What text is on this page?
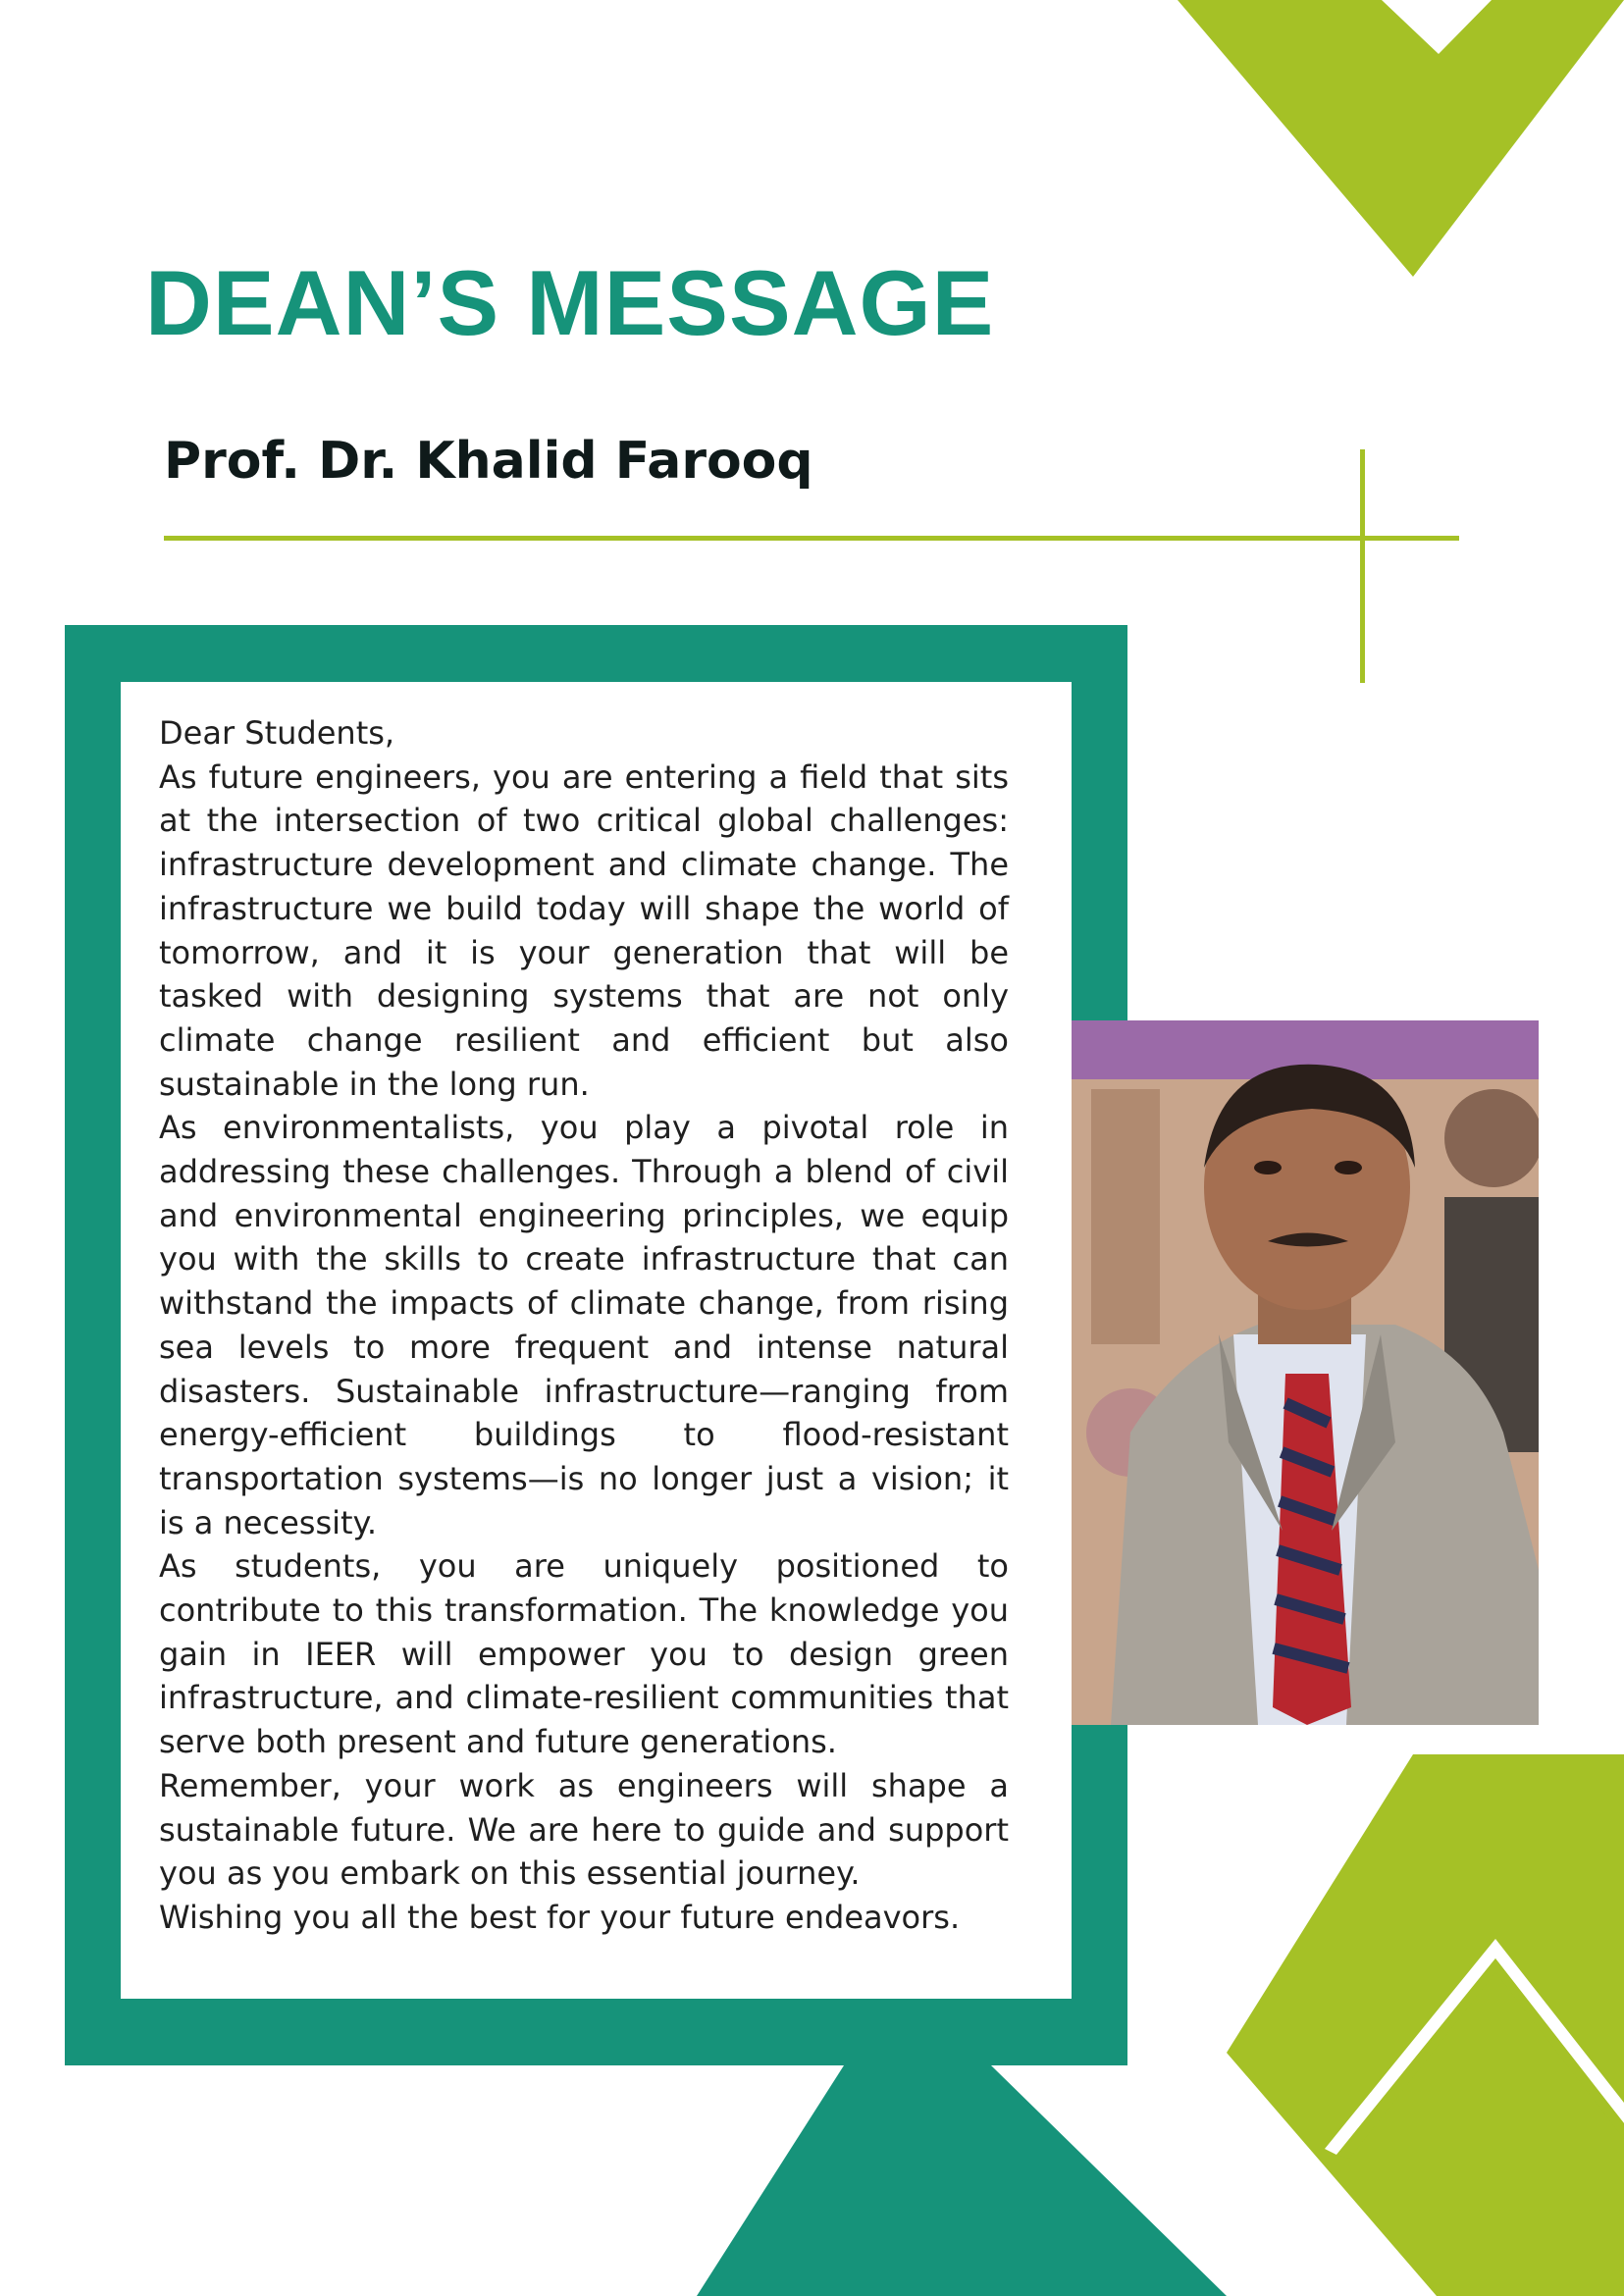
DEAN’S MESSAGE
Prof. Dr. Khalid Farooq

Dear Students,

As future engineers, you are entering a field that sits at the intersection of two critical global challenges: infrastructure development and climate change. The infrastructure we build today will shape the world of tomorrow, and it is your generation that will be tasked with designing systems that are not only climate change resilient and efficient but also sustainable in the long run.

As environmentalists, you play a pivotal role in addressing these challenges. Through a blend of civil and environmental engineering principles, we equip you with the skills to create infrastructure that can withstand the impacts of climate change, from rising sea levels to more frequent and intense natural disasters. Sustainable infrastructure—ranging from energy-efficient buildings to flood-resistant transportation systems—is no longer just a vision; it is a necessity.

As students, you are uniquely positioned to contribute to this transformation. The knowledge you gain in IEER will empower you to design green infrastructure, and climate-resilient communities that serve both present and future generations.

Remember, your work as engineers will shape a sustainable future. We are here to guide and support you as you embark on this essential journey.

Wishing you all the best for your future endeavors.
